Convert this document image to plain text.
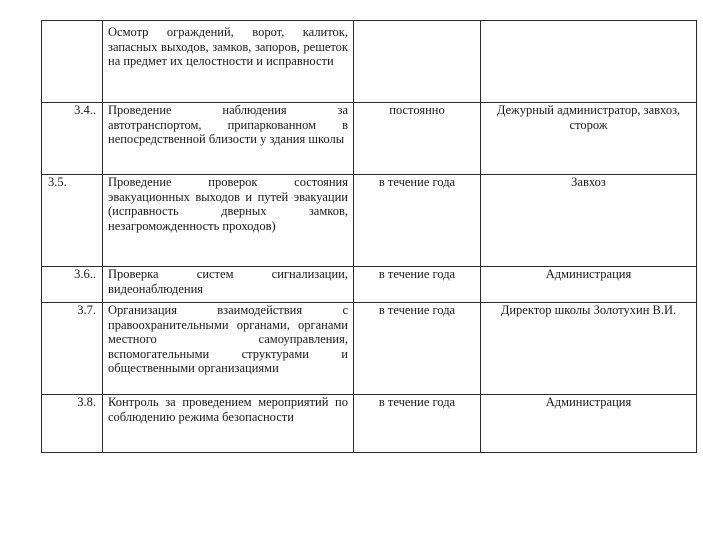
	Осмотр ограждений, ворот, калиток, запасных выходов, замков, запоров, решеток на предмет их целостности и исправности		
3.4..	Проведение наблюдения за автотранспортом, припаркованном в непосредственной близости у здания школы	постоянно	Дежурный администратор, завхоз, сторож
3.5.	Проведение проверок состояния эвакуационных выходов и путей эвакуации (исправность дверных замков, незагроможденность проходов)	в течение года	Завхоз
3.6..	Проверка систем сигнализации, видеонаблюдения	в течение года	Администрация
3.7.	Организация взаимодействия с правоохранительными органами, органами местного самоуправления, вспомогательными структурами и общественными организациями	в течение года	Директор школы Золотухин В.И.
3.8.	Контроль за проведением мероприятий по соблюдению режима безопасности	в течение года	Администрация
